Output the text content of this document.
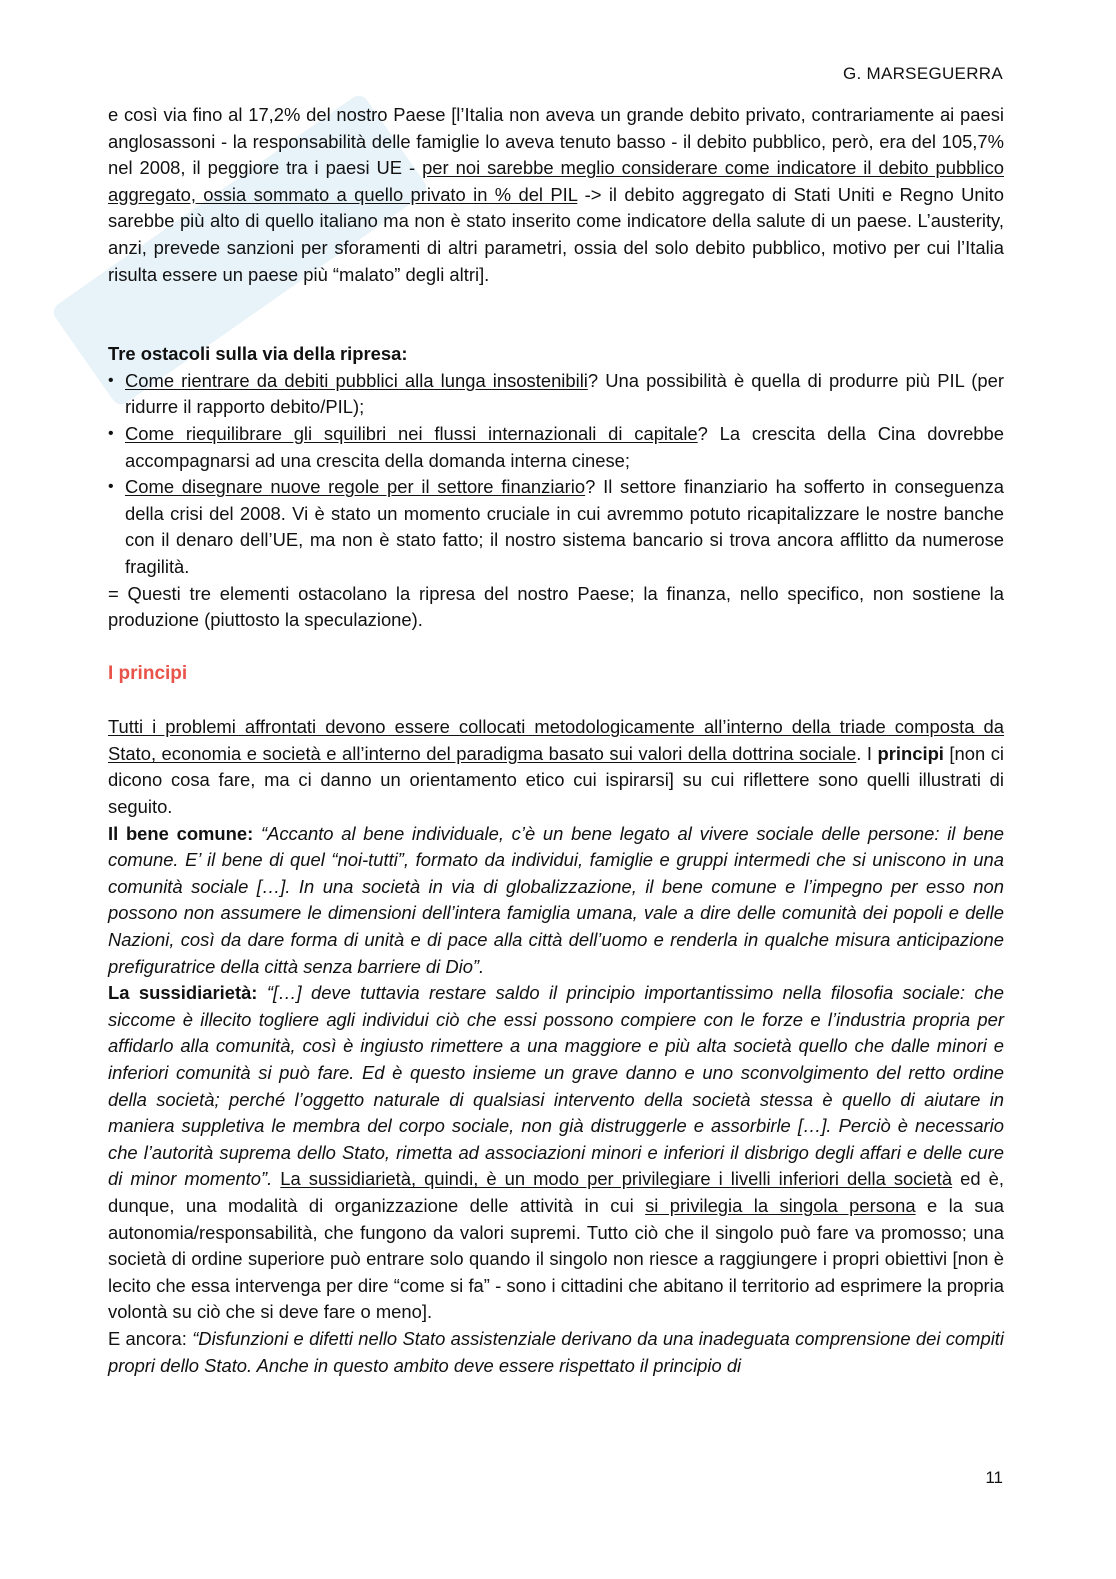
G. MARSEGUERRA

e così via fino al 17,2% del nostro Paese [l’Italia non aveva un grande debito privato, contrariamente ai paesi anglosassoni - la responsabilità delle famiglie lo aveva tenuto basso - il debito pubblico, però, era del 105,7% nel 2008, il peggiore tra i paesi UE - per noi sarebbe meglio considerare come indicatore il debito pubblico aggregato, ossia sommato a quello privato in % del PIL -> il debito aggregato di Stati Uniti e Regno Unito sarebbe più alto di quello italiano ma non è stato inserito come indicatore della salute di un paese. L’austerity, anzi, prevede sanzioni per sforamenti di altri parametri, ossia del solo debito pubblico, motivo per cui l’Italia risulta essere un paese più “malato” degli altri].

Tre ostacoli sulla via della ripresa:

• Come rientrare da debiti pubblici alla lunga insostenibili? Una possibilità è quella di produrre più PIL (per ridurre il rapporto debito/PIL);
• Come riequilibrare gli squilibri nei flussi internazionali di capitale? La crescita della Cina dovrebbe accompagnarsi ad una crescita della domanda interna cinese;
• Come disegnare nuove regole per il settore finanziario? Il settore finanziario ha sofferto in conseguenza della crisi del 2008. Vi è stato un momento cruciale in cui avremmo potuto ricapitalizzare le nostre banche con il denaro dell’UE, ma non è stato fatto; il nostro sistema bancario si trova ancora afflitto da numerose fragilità.

= Questi tre elementi ostacolano la ripresa del nostro Paese; la finanza, nello specifico, non sostiene la produzione (piuttosto la speculazione).

I principi

Tutti i problemi affrontati devono essere collocati metodologicamente all’interno della triade composta da Stato, economia e società e all’interno del paradigma basato sui valori della dottrina sociale. I principi [non ci dicono cosa fare, ma ci danno un orientamento etico cui ispirarsi] su cui riflettere sono quelli illustrati di seguito.

Il bene comune: “Accanto al bene individuale, c’è un bene legato al vivere sociale delle persone: il bene comune. E’ il bene di quel “noi-tutti”, formato da individui, famiglie e gruppi intermedi che si uniscono in una comunità sociale […]. In una società in via di globalizzazione, il bene comune e l’impegno per esso non possono non assumere le dimensioni dell’intera famiglia umana, vale a dire delle comunità dei popoli e delle Nazioni, così da dare forma di unità e di pace alla città dell’uomo e renderla in qualche misura anticipazione prefiguratrice della città senza barriere di Dio”.

La sussidiarietà: “[…] deve tuttavia restare saldo il principio importantissimo nella filosofia sociale: che siccome è illecito togliere agli individui ciò che essi possono compiere con le forze e l’industria propria per affidarlo alla comunità, così è ingiusto rimettere a una maggiore e più alta società quello che dalle minori e inferiori comunità si può fare. Ed è questo insieme un grave danno e uno sconvolgimento del retto ordine della società; perché l’oggetto naturale di qualsiasi intervento della società stessa è quello di aiutare in maniera suppletiva le membra del corpo sociale, non già distruggerle e assorbirle […]. Perciò è necessario che l’autorità suprema dello Stato, rimetta ad associazioni minori e inferiori il disbrigo degli affari e delle cure di minor momento”. La sussidiarietà, quindi, è un modo per privilegiare i livelli inferiori della società ed è, dunque, una modalità di organizzazione delle attività in cui si privilegia la singola persona e la sua autonomia/responsabilità, che fungono da valori supremi. Tutto ciò che il singolo può fare va promosso; una società di ordine superiore può entrare solo quando il singolo non riesce a raggiungere i propri obiettivi [non è lecito che essa intervenga per dire “come si fa” - sono i cittadini che abitano il territorio ad esprimere la propria volontà su ciò che si deve fare o meno].

E ancora: “Disfunzioni e difetti nello Stato assistenziale derivano da una inadeguata comprensione dei compiti propri dello Stato. Anche in questo ambito deve essere rispettato il principio di

11
